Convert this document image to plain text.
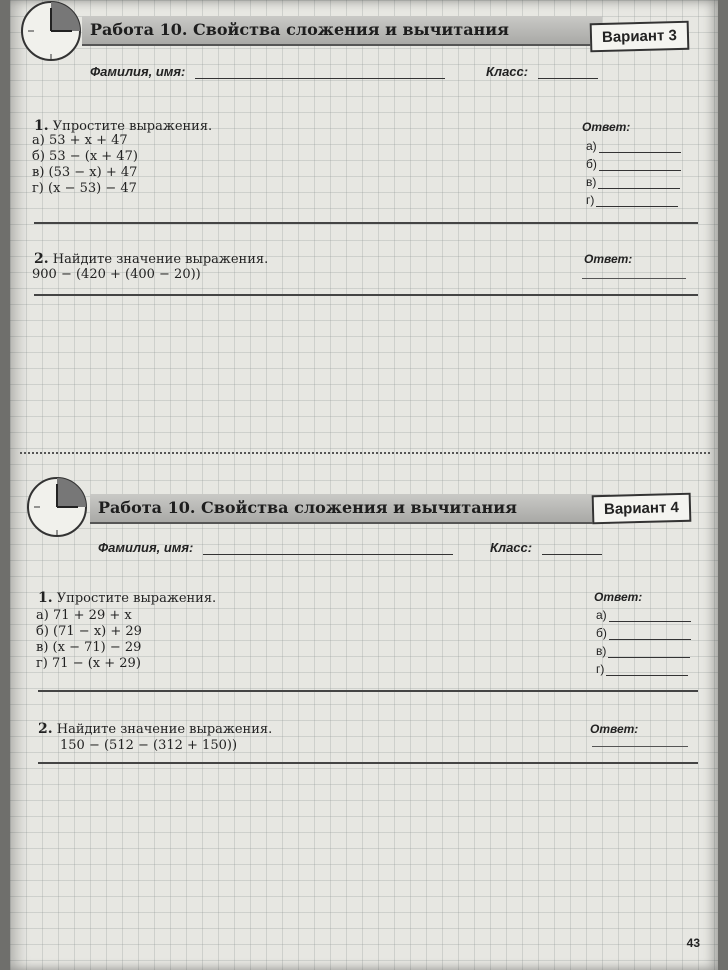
Работа 10. Свойства сложения и вычитания	Вариант 3
Фамилия, имя:	Класс:
1. Упростите выражения.	Ответ:
а) 53 + x + 47
б) 53 − (x + 47)
в) (53 − x) + 47
г) (x − 53) − 47
а)
б)
в)
г)
2. Найдите значение выражения.	Ответ:
900 − (420 + (400 − 20))
Работа 10. Свойства сложения и вычитания	Вариант 4
Фамилия, имя:	Класс:
1. Упростите выражения.	Ответ:
а) 71 + 29 + x
б) (71 − x) + 29
в) (x − 71) − 29
г) 71 − (x + 29)
а)
б)
в)
г)
2. Найдите значение выражения.	Ответ:
150 − (512 − (312 + 150))
43
